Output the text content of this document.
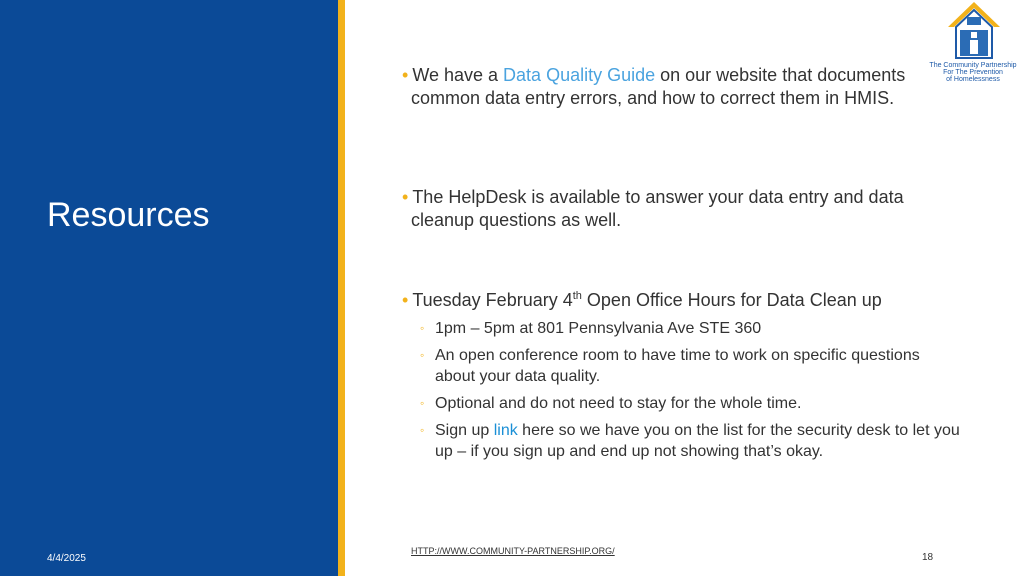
Resources
4/4/2025
The Community Partnership
For The Prevention
of Homelessness

• We have a Data Quality Guide on our website that documents common data entry errors, and how to correct them in HMIS.

• The HelpDesk is available to answer your data entry and data cleanup questions as well.

• Tuesday February 4th Open Office Hours for Data Clean up

◦ 1pm – 5pm at 801 Pennsylvania Ave STE 360
◦ An open conference room to have time to work on specific questions about your data quality.
◦ Optional and do not need to stay for the whole time.
◦ Sign up link here so we have you on the list for the security desk to let you up – if you sign up and end up not showing that’s okay.
HTTP://WWW.COMMUNITY-PARTNERSHIP.ORG/
18
